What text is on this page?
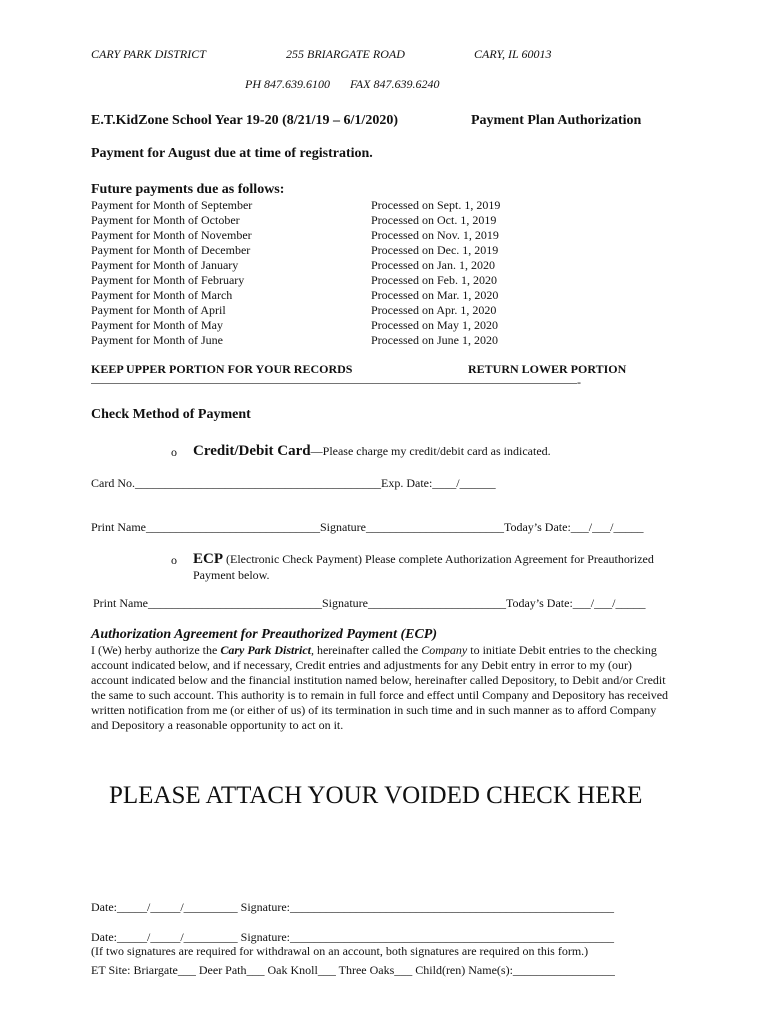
CARY PARK DISTRICT	255 BRIARGATE ROAD	CARY, IL 60013
PH 847.639.6100 FAX 847.639.6240
E.T.KidZone School Year 19-20 (8/21/19 – 6/1/2020)	Payment Plan Authorization
Payment for August due at time of registration.
Future payments due as follows:
Payment for Month of September	Processed on Sept. 1, 2019
Payment for Month of October	Processed on Oct. 1, 2019
Payment for Month of November	Processed on Nov. 1, 2019
Payment for Month of December	Processed on Dec. 1, 2019
Payment for Month of January	Processed on Jan. 1, 2020
Payment for Month of February	Processed on Feb. 1, 2020
Payment for Month of March	Processed on Mar. 1, 2020
Payment for Month of April	Processed on Apr. 1, 2020
Payment for Month of May	Processed on May 1, 2020
Payment for Month of June	Processed on June 1, 2020
KEEP UPPER PORTION FOR YOUR RECORDS	RETURN LOWER PORTION
–––––––––––––––––––––––––––––––––––––––––––––––––––––––––––––––––––––––––––––––––-
Check Method of Payment
o Credit/Debit Card—Please charge my credit/debit card as indicated.
Card No._________________________________________Exp. Date:____/______
Print Name_____________________________Signature_______________________Today’s Date:___/___/_____
o ECP (Electronic Check Payment) Please complete Authorization Agreement for Preauthorized
Payment below.
Print Name_____________________________Signature_______________________Today’s Date:___/___/_____
Authorization Agreement for Preauthorized Payment (ECP)
I (We) herby authorize the Cary Park District, hereinafter called the Company to initiate Debit entries to the checking account indicated below, and if necessary, Credit entries and adjustments for any Debit entry in error to my (our) account indicated below and the financial institution named below, hereinafter called Depository, to Debit and/or Credit the same to such account. This authority is to remain in full force and effect until Company and Depository has received written notification from me (or either of us) of its termination in such time and in such manner as to afford Company and Depository a reasonable opportunity to act on it.
PLEASE ATTACH YOUR VOIDED CHECK HERE
Date:_____/_____/_________ Signature:______________________________________________________
Date:_____/_____/_________ Signature:______________________________________________________
(If two signatures are required for withdrawal on an account, both signatures are required on this form.)
ET Site: Briargate___ Deer Path___ Oak Knoll___ Three Oaks___ Child(ren) Name(s):_________________
